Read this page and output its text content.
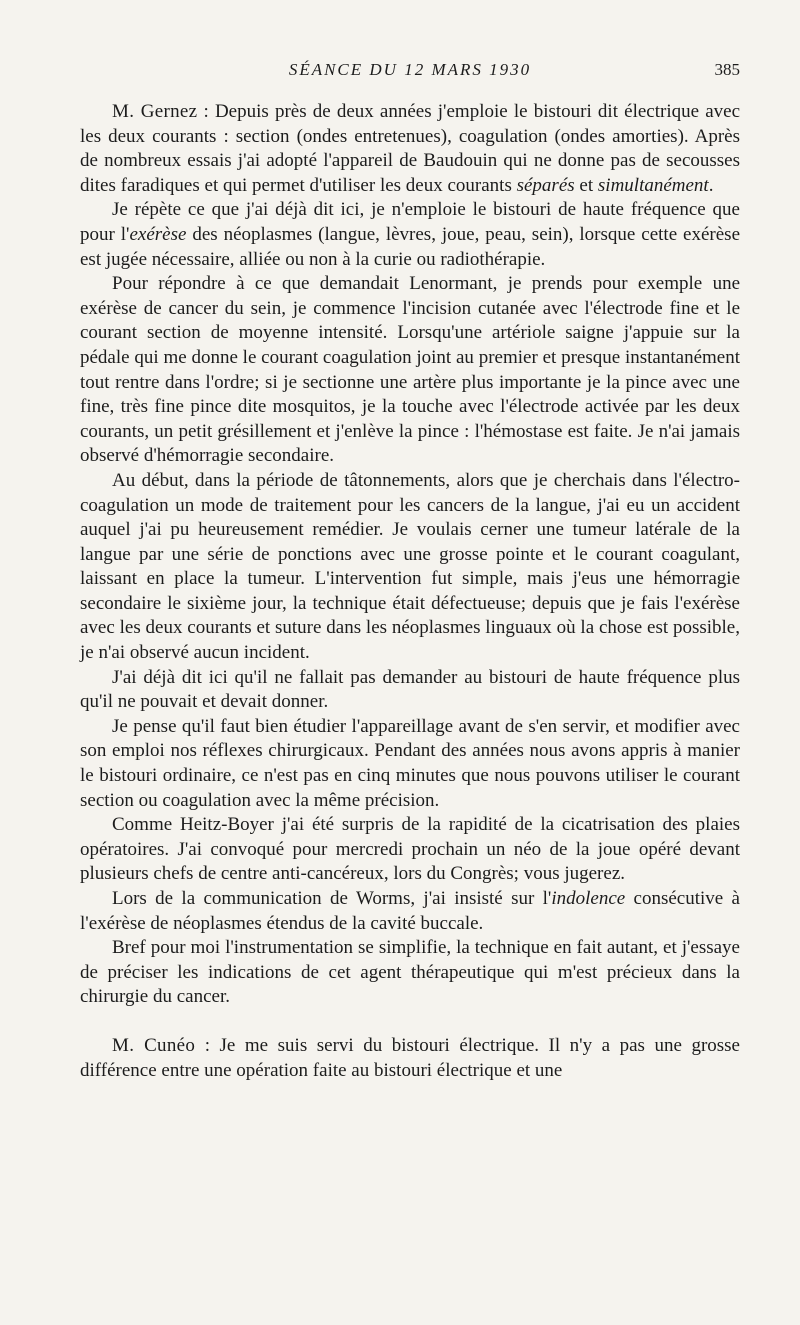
SÉANCE DU 12 MARS 1930	385

M. Gernez : Depuis près de deux années j'emploie le bistouri dit électrique avec les deux courants : section (ondes entretenues), coagulation (ondes amorties). Après de nombreux essais j'ai adopté l'appareil de Baudouin qui ne donne pas de secousses dites faradiques et qui permet d'utiliser les deux courants séparés et simultanément.

Je répète ce que j'ai déjà dit ici, je n'emploie le bistouri de haute fréquence que pour l'exérèse des néoplasmes (langue, lèvres, joue, peau, sein), lorsque cette exérèse est jugée nécessaire, alliée ou non à la curie ou radiothérapie.

Pour répondre à ce que demandait Lenormant, je prends pour exemple une exérèse de cancer du sein, je commence l'incision cutanée avec l'électrode fine et le courant section de moyenne intensité. Lorsqu'une artériole saigne j'appuie sur la pédale qui me donne le courant coagulation joint au premier et presque instantanément tout rentre dans l'ordre; si je sectionne une artère plus importante je la pince avec une fine, très fine pince dite mosquitos, je la touche avec l'électrode activée par les deux courants, un petit grésillement et j'enlève la pince : l'hémostase est faite. Je n'ai jamais observé d'hémorragie secondaire.

Au début, dans la période de tâtonnements, alors que je cherchais dans l'électro-coagulation un mode de traitement pour les cancers de la langue, j'ai eu un accident auquel j'ai pu heureusement remédier. Je voulais cerner une tumeur latérale de la langue par une série de ponctions avec une grosse pointe et le courant coagulant, laissant en place la tumeur. L'intervention fut simple, mais j'eus une hémorragie secondaire le sixième jour, la technique était défectueuse; depuis que je fais l'exérèse avec les deux courants et suture dans les néoplasmes linguaux où la chose est possible, je n'ai observé aucun incident.

J'ai déjà dit ici qu'il ne fallait pas demander au bistouri de haute fréquence plus qu'il ne pouvait et devait donner.

Je pense qu'il faut bien étudier l'appareillage avant de s'en servir, et modifier avec son emploi nos réflexes chirurgicaux. Pendant des années nous avons appris à manier le bistouri ordinaire, ce n'est pas en cinq minutes que nous pouvons utiliser le courant section ou coagulation avec la même précision.

Comme Heitz-Boyer j'ai été surpris de la rapidité de la cicatrisation des plaies opératoires. J'ai convoqué pour mercredi prochain un néo de la joue opéré devant plusieurs chefs de centre anti-cancéreux, lors du Congrès; vous jugerez.

Lors de la communication de Worms, j'ai insisté sur l'indolence consécutive à l'exérèse de néoplasmes étendus de la cavité buccale.

Bref pour moi l'instrumentation se simplifie, la technique en fait autant, et j'essaye de préciser les indications de cet agent thérapeutique qui m'est précieux dans la chirurgie du cancer.

M. Cunéo : Je me suis servi du bistouri électrique. Il n'y a pas une grosse différence entre une opération faite au bistouri électrique et une
